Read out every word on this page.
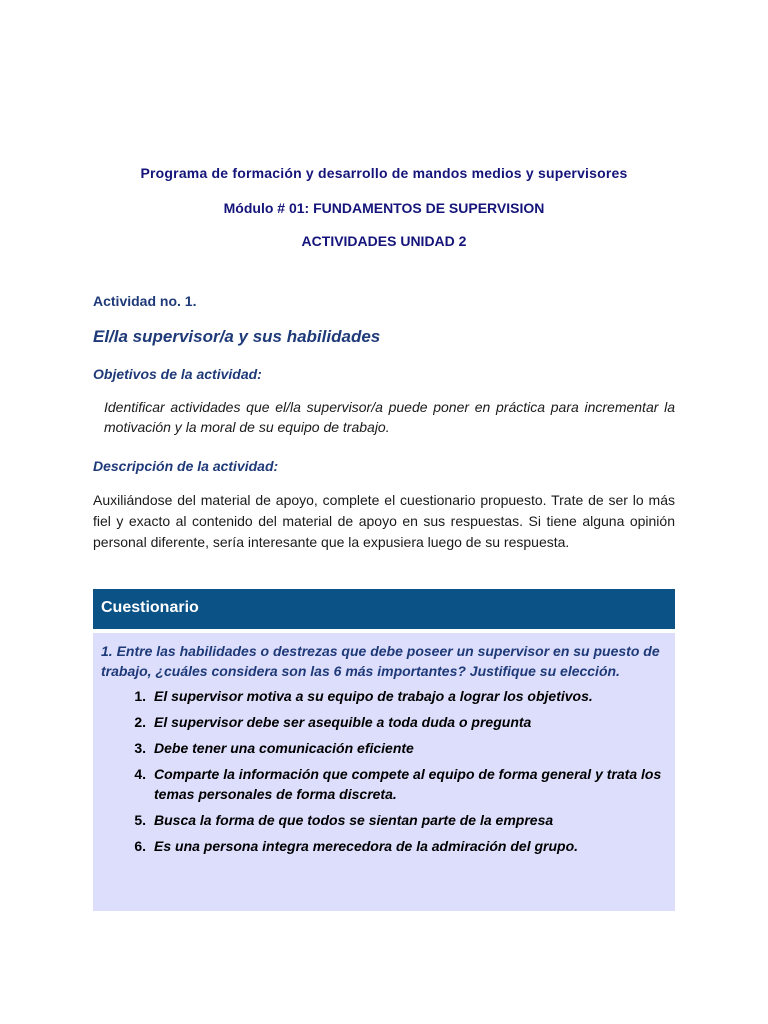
Programa de formación y desarrollo de mandos medios y supervisores

Módulo # 01: FUNDAMENTOS DE SUPERVISION

ACTIVIDADES UNIDAD 2

Actividad no. 1.

El/la supervisor/a y sus habilidades

Objetivos de la actividad:

Identificar actividades que el/la supervisor/a puede poner en práctica para incrementar la motivación y la moral de su equipo de trabajo.

Descripción de la actividad:

Auxiliándose del material de apoyo, complete el cuestionario propuesto. Trate de ser lo más fiel y exacto al contenido del material de apoyo en sus respuestas. Si tiene alguna opinión personal diferente, sería interesante que la expusiera luego de su respuesta.

Cuestionario

1. Entre las habilidades o destrezas que debe poseer un supervisor en su puesto de trabajo, ¿cuáles considera son las 6 más importantes? Justifique su elección.

1. El supervisor motiva a su equipo de trabajo a lograr los objetivos.
2. El supervisor debe ser asequible a toda duda o pregunta
3. Debe tener una comunicación eficiente
4. Comparte la información que compete al equipo de forma general y trata los temas personales de forma discreta.
5. Busca la forma de que todos se sientan parte de la empresa
6. Es una persona integra merecedora de la admiración del grupo.
